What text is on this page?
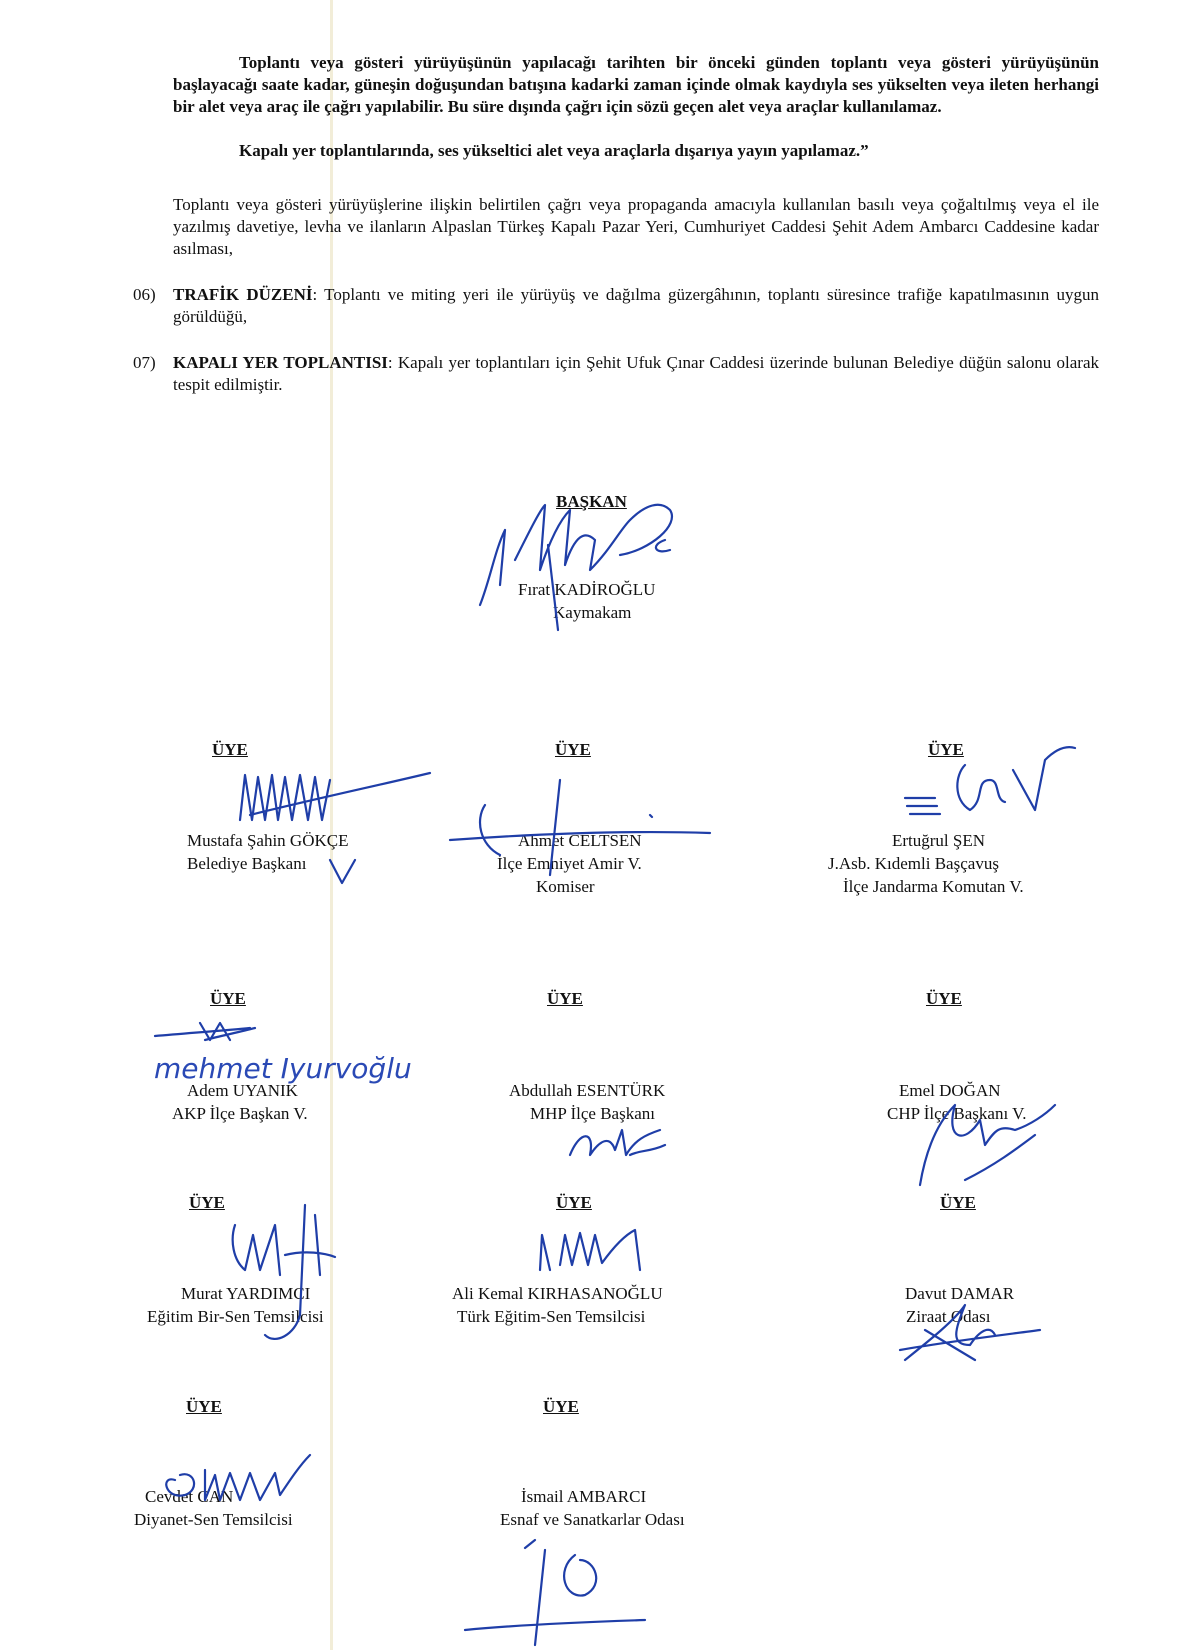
Toplantı veya gösteri yürüyüşünün yapılacağı tarihten bir önceki günden toplantı veya gösteri yürüyüşünün başlayacağı saate kadar, güneşin doğuşundan batışına kadarki zaman içinde olmak kaydıyla ses yükselten veya ileten herhangi bir alet veya araç ile çağrı yapılabilir. Bu süre dışında çağrı için sözü geçen alet veya araçlar kullanılamaz.

Kapalı yer toplantılarında, ses yükseltici alet veya araçlarla dışarıya yayın yapılamaz.”

Toplantı veya gösteri yürüyüşlerine ilişkin belirtilen çağrı veya propaganda amacıyla kullanılan basılı veya çoğaltılmış veya el ile yazılmış davetiye, levha ve ilanların Alpaslan Türkeş Kapalı Pazar Yeri, Cumhuriyet Caddesi Şehit Adem Ambarcı Caddesine kadar asılması,

06) TRAFİK DÜZENİ: Toplantı ve miting yeri ile yürüyüş ve dağılma güzergâhının, toplantı süresince trafiğe kapatılmasının uygun görüldüğü,
07) KAPALI YER TOPLANTISI: Kapalı yer toplantıları için Şehit Ufuk Çınar Caddesi üzerinde bulunan Belediye düğün salonu olarak tespit edilmiştir.
BAŞKAN
Fırat KADİROĞLU
Kaymakam
ÜYE	ÜYE	ÜYE
Mustafa Şahin GÖKÇE
Belediye Başkanı
Ahmet CELTSEN
İlçe Emniyet Amir V.
Komiser
Ertuğrul ŞEN
J.Asb. Kıdemli Başçavuş
İlçe Jandarma Komutan V.
ÜYE	ÜYE	ÜYE
Adem UYANIK
AKP İlçe Başkan V.
Abdullah ESENTÜRK
MHP İlçe Başkanı
Emel DOĞAN
CHP İlçe Başkanı V.
ÜYE	ÜYE	ÜYE
Murat YARDIMCI
Eğitim Bir-Sen Temsilcisi
Ali Kemal KIRHASANOĞLU
Türk Eğitim-Sen Temsilcisi
Davut DAMAR
Ziraat Odası
ÜYE	ÜYE
Cevdet CAN
Diyanet-Sen Temsilcisi
İsmail AMBARCI
Esnaf ve Sanatkarlar Odası
mehmet Iyurvoğlu
